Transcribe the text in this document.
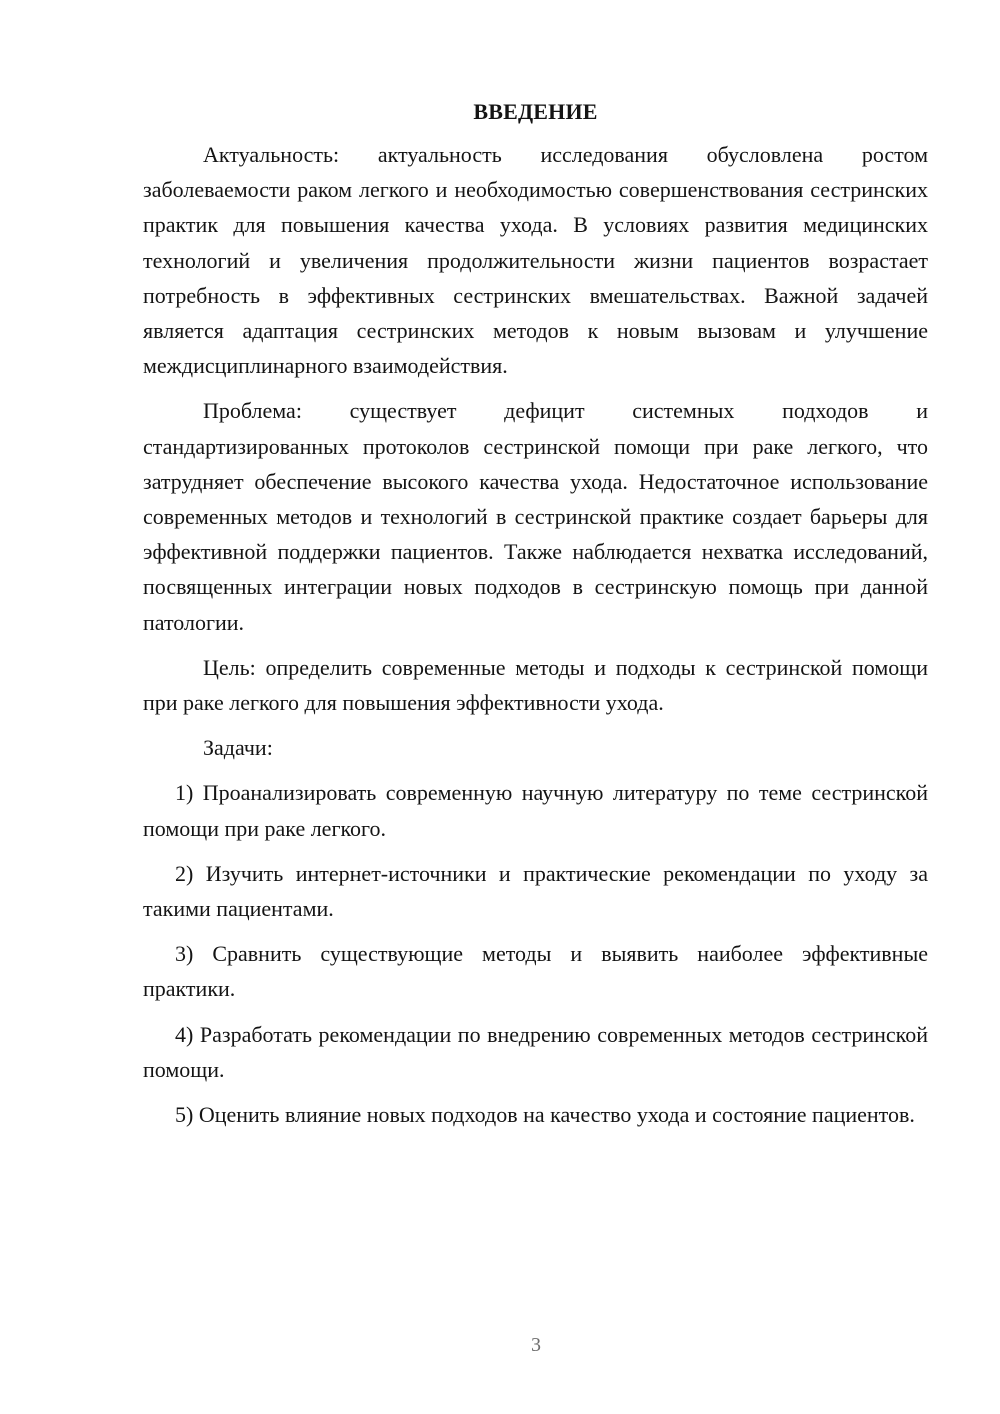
ВВЕДЕНИЕ

Актуальность: актуальность исследования обусловлена ростом заболеваемости раком легкого и необходимостью совершенствования сестринских практик для повышения качества ухода. В условиях развития медицинских технологий и увеличения продолжительности жизни пациентов возрастает потребность в эффективных сестринских вмешательствах. Важной задачей является адаптация сестринских методов к новым вызовам и улучшение междисциплинарного взаимодействия.

Проблема: существует дефицит системных подходов и стандартизированных протоколов сестринской помощи при раке легкого, что затрудняет обеспечение высокого качества ухода. Недостаточное использование современных методов и технологий в сестринской практике создает барьеры для эффективной поддержки пациентов. Также наблюдается нехватка исследований, посвященных интеграции новых подходов в сестринскую помощь при данной патологии.

Цель: определить современные методы и подходы к сестринской помощи при раке легкого для повышения эффективности ухода.

Задачи:

1) Проанализировать современную научную литературу по теме сестринской помощи при раке легкого.

2) Изучить интернет-источники и практические рекомендации по уходу за такими пациентами.

3) Сравнить существующие методы и выявить наиболее эффективные практики.

4) Разработать рекомендации по внедрению современных методов сестринской помощи.

5) Оценить влияние новых подходов на качество ухода и состояние пациентов.

3
